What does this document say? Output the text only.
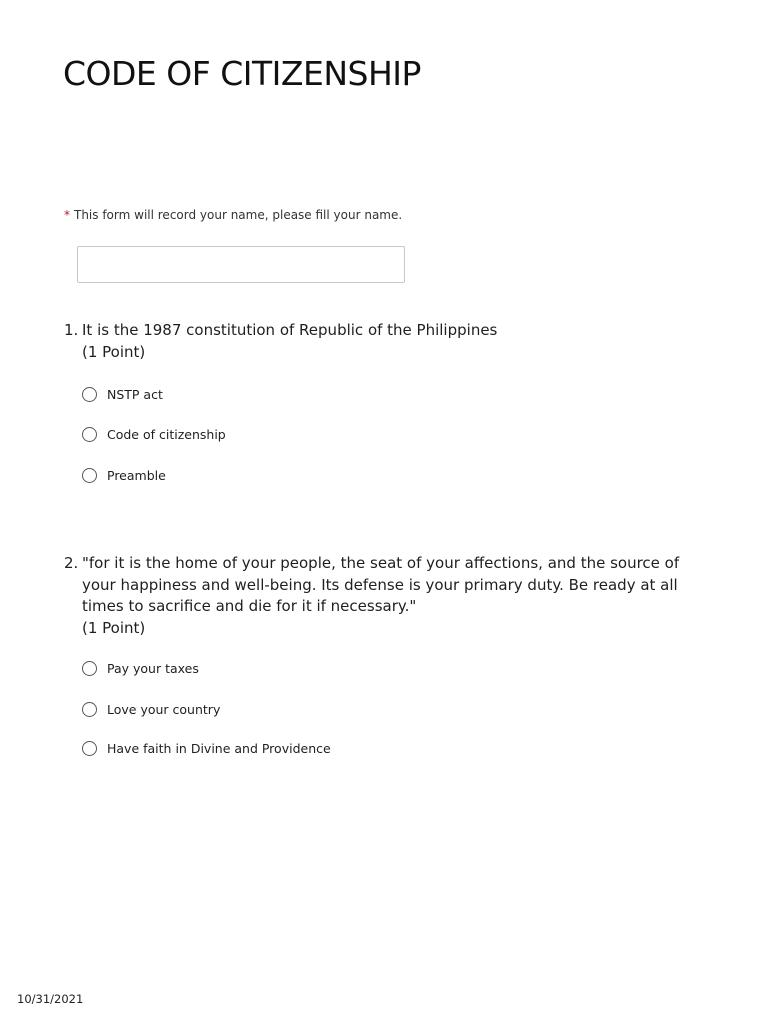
CODE OF CITIZENSHIP
* This form will record your name, please fill your name.
1. It is the 1987 constitution of Republic of the Philippines
(1 Point)
NSTP act
Code of citizenship
Preamble
2. "for it is the home of your people, the seat of your affections, and the source of your happiness and well-being. Its defense is your primary duty. Be ready at all times to sacrifice and die for it if necessary."
(1 Point)
Pay your taxes
Love your country
Have faith in Divine and Providence
10/31/2021
